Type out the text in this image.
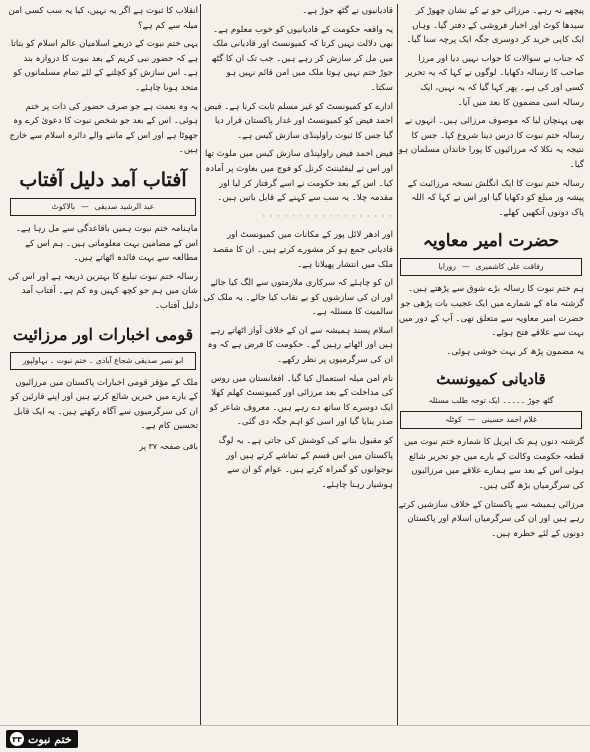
پیچھے نہ رہے۔ مرزائی جو تے کے نشان چھوڑ کر سیدھا کوٹ اور اخبار فروشی کے دفتر گیا۔ وہاں ایک کاپی خرید کر دوسری جگہ ایک پرچہ سنا گیا۔

کہ جناب نے سوالات کا جواب نہیں دیا اور مرزا صاحب کا رسالہ دکھایا۔ لوگوں نے کہا کہ یہ تحریر کسی اور کی ہے۔ پھر کہا گیا کہ یہ نہیں، ایک رسالہ اسی مضمون کا بعد میں آیا۔

بھی پہنچان لیا کہ موصوف مرزائی ہیں۔ انہوں نے رسالہ ختم نبوت کا درس دینا شروع کیا۔ جس کا نتیجہ یہ نکلا کہ مرزائیوں کا پورا خاندان مسلمان ہو گیا۔

رسالہ ختم نبوت کا ایک انگلش نسخہ مرزائیت کے پیشہ ور مبلغ کو دکھایا گیا اور اس نے کہا کہ اللہ پاک دونوں آنکھیں کھلے۔

حضرت امیر معاویہ
رفاقت علی کاشمیری—رورابا

ہم ختم نبوت کا رسالہ بڑے شوق سے پڑھتے ہیں۔ گزشتہ ماہ کے شمارے میں ایک عجیب بات پڑھی جو حضرت امیر معاویہ سے متعلق تھی۔ آپ کے دور میں بہت سے علاقے فتح ہوئے۔

یہ مضمون پڑھ کر بہت خوشی ہوئی۔

قادیانی کمیونسٹ
گٹھ جوڑ ۔۔۔۔۔ ایک توجہ طلب مسئلہ
غلام احمد حسینی—کوٹلہ

گزشتہ دنوں ہم تک اپریل کا شمارہ ختم نبوت میں قطعہ حکومت وکالت کے بارے میں جو تحریر شائع ہوئی اس کے بعد سے ہمارے علاقے میں مرزائیوں کی سرگرمیاں بڑھ گئی ہیں۔

مرزائی ہمیشہ سے پاکستان کے خلاف سازشیں کرتے رہے ہیں اور ان کی سرگرمیاں اسلام اور پاکستان دونوں کے لئے خطرہ ہیں۔

قادیانیوں نے گٹھ جوڑ ہے۔

یہ واقعہ حکومت کے قادیانیوں کو خوب معلوم ہے۔ بھی دلالت نہیں کرتا کہ کمیونسٹ اور قادیانی ملک میں مل کر سازش کر رہے ہیں۔ جب تک ان کا گٹھ جوڑ ختم نہیں ہوتا ملک میں امن قائم نہیں ہو سکتا۔

ادارے کو کمیونسٹ کو غیر مسلم ثابت کرنا ہے۔ فیض احمد فیض کو کمیونسٹ اور غدار پاکستان قرار دیا گیا جس کا ثبوت راولپنڈی سازش کیس ہے۔

فیض احمد فیض راولپنڈی سازش کیس میں ملوث تھا اور اس نے لیفٹیننٹ کرنل کو فوج میں بغاوت پر آمادہ کیا۔ اس کے بعد حکومت نے اسے گرفتار کر لیا اور مقدمہ چلا۔ یہ سب سے کہنے کے قابل باتیں ہیں۔

· · · · · · · · · · · · · · · · · ·

اور ادھر لائل پور کے مکانات میں کمیونسٹ اور قادیانی جمع ہو کر مشورے کرتے ہیں۔ ان کا مقصد ملک میں انتشار پھیلانا ہے۔

ان کو چاہئے کہ سرکاری ملازمتوں سے الگ کیا جائے اور ان کی سازشوں کو بے نقاب کیا جائے۔ یہ ملک کی سالمیت کا مسئلہ ہے۔

اسلام پسند ہمیشہ سے ان کے خلاف آواز اٹھاتے رہے ہیں اور اٹھاتے رہیں گے۔ حکومت کا فرض ہے کہ وہ ان کی سرگرمیوں پر نظر رکھے۔

نام امن میلہ استعمال کیا گیا۔ افغانستان میں روس کی مداخلت کے بعد مرزائی اور کمیونسٹ کھلم کھلا ایک دوسرے کا ساتھ دے رہے ہیں۔ معروف شاعر کو صدر بنایا گیا اور اسی کو اہم جگہ دی گئی۔

کو مقبول بنانے کی کوشش کی جاتی ہے۔ یہ لوگ پاکستان میں اس قسم کے تماشے کرتے ہیں اور نوجوانوں کو گمراہ کرتے ہیں۔ عوام کو ان سے ہوشیار رہنا چاہئے۔

انقلاب کا ثبوت ہے اگر یہ نہیں، کیا یہ سب کسی امن میلہ سے کم ہے؟

یہی ختم نبوت کے ذریعے اسلامیان عالم اسلام کو بتاتا ہے کہ حضور نبی کریم کے بعد نبوت کا دروازہ بند ہے۔ اس سازش کو کچلنے کے لئے تمام مسلمانوں کو متحد ہونا چاہئے۔

یہ وہ نعمت ہے جو صرف حضور کی ذات پر ختم ہوئی۔ اس کے بعد جو شخص نبوت کا دعویٰ کرے وہ جھوٹا ہے اور اس کے ماننے والے دائرہ اسلام سے خارج ہیں۔

آفتاب آمد دلیل آفتاب
عبد الرشید صدیقی—بالاکوٹ

ماہنامہ ختم نبوت ہمیں باقاعدگی سے مل رہا ہے۔ اس کے مضامین بہت معلوماتی ہیں۔ ہم اس کے مطالعہ سے بہت فائدہ اٹھاتے ہیں۔

رسالہ ختم نبوت تبلیغ کا بہترین ذریعہ ہے اور اس کی شان میں ہم جو کچھ کہیں وہ کم ہے۔ آفتاب آمد دلیل آفتاب۔

قومی اخبارات اور مرزائیت
ابو نصر صدیقی شجاع آبادی ۔ ختم نبوت ۔ بہاولپور

ملک کے مؤقر قومی اخبارات پاکستان میں مرزائیوں کے بارے میں خبریں شائع کرتے ہیں اور اپنے قارئین کو ان کی سرگرمیوں سے آگاہ رکھتے ہیں۔ یہ ایک قابل تحسین کام ہے۔

باقی صفحہ ۳۷ پر
۳۳ ختم نبوت
